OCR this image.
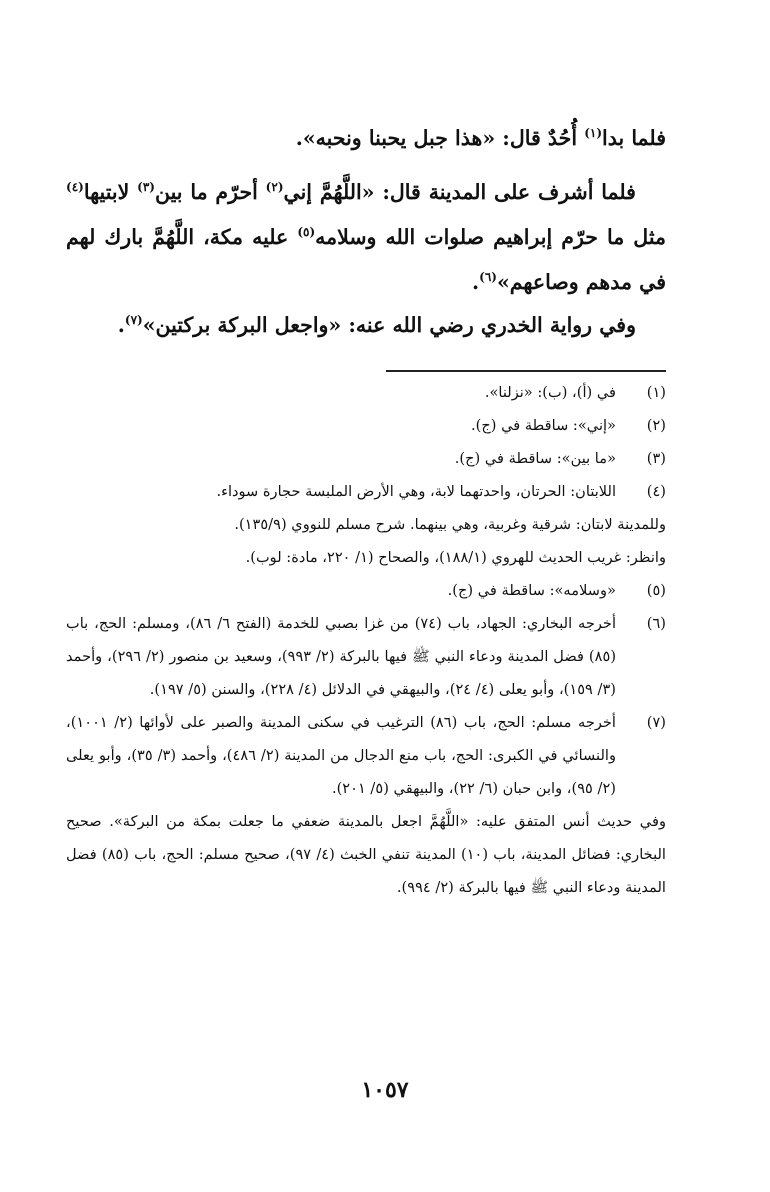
فلما بدا$^{(١)}$ أُحُدٌ قال: «هذا جبل يحبنا ونحبه».
فلما أشرف على المدينة قال: «اللَّهُمَّ إني$^{(٢)}$ أحرّم ما بين$^{(٣)}$ لابتيها$^{(٤)}$ مثل ما حرّم إبراهيم صلوات الله وسلامه$^{(٥)}$ عليه مكة، اللَّهُمَّ بارك لهم في مدهم وصاعهم»$^{(٦)}$.
وفي رواية الخدري رضي الله عنه: «واجعل البركة بركتين»$^{(٧)}$.
(١)
في (أ)، (ب): «نزلنا».
(٢)
«إني»: ساقطة في (ج).
(٣)
«ما بين»: ساقطة في (ج).
(٤)
اللابتان: الحرتان، واحدتهما لابة، وهي الأرض الملبسة حجارة سوداء.
وللمدينة لابتان: شرقية وغربية، وهي بينهما. شرح مسلم للنووي (١٣٥/٩).
وانظر: غريب الحديث للهروي (١٨٨/١)، والصحاح (١/ ٢٢٠، مادة: لوب).
(٥)
«وسلامه»: ساقطة في (ج).
(٦)
أخرجه البخاري: الجهاد، باب (٧٤) من غزا بصبي للخدمة (الفتح ٦/ ٨٦)، ومسلم: الحج، باب (٨٥) فضل المدينة ودعاء النبي ﷺ فيها بالبركة (٢/ ٩٩٣)، وسعيد بن منصور (٢/ ٢٩٦)، وأحمد (٣/ ١٥٩)، وأبو يعلى (٤/ ٢٤)، والبيهقي في الدلائل (٤/ ٢٢٨)، والسنن (٥/ ١٩٧).
(٧)
أخرجه مسلم: الحج، باب (٨٦) الترغيب في سكنى المدينة والصبر على لأوائها (٢/ ١٠٠١)، والنسائي في الكبرى: الحج، باب منع الدجال من المدينة (٢/ ٤٨٦)، وأحمد (٣/ ٣٥)، وأبو يعلى (٢/ ٩٥)، وابن حبان (٦/ ٢٢)، والبيهقي (٥/ ٢٠١).
وفي حديث أنس المتفق عليه: «اللَّهُمَّ اجعل بالمدينة ضعفي ما جعلت بمكة من البركة». صحيح البخاري: فضائل المدينة، باب (١٠) المدينة تنفي الخبث (٤/ ٩٧)، صحيح مسلم: الحج، باب (٨٥) فضل المدينة ودعاء النبي ﷺ فيها بالبركة (٢/ ٩٩٤).
١٠٥٧
